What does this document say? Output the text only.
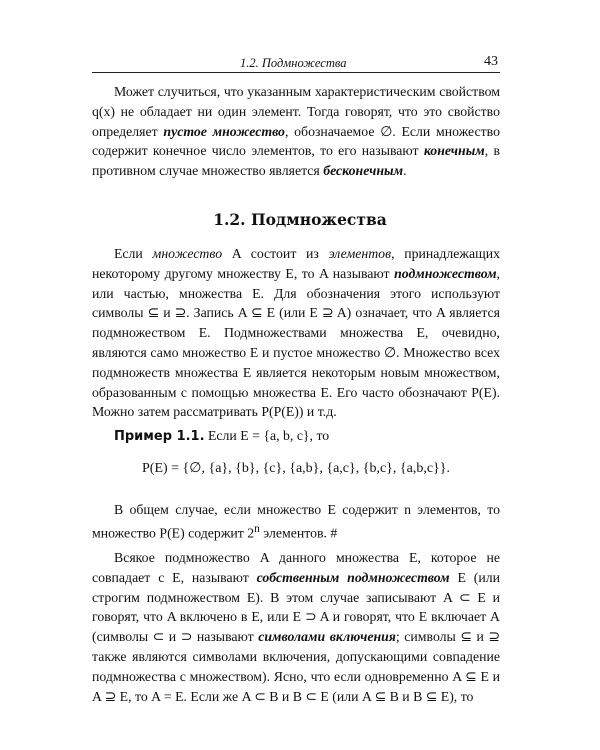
1.2. Подмножества	43

Может случиться, что указанным характеристическим свойством q(x) не обладает ни один элемент. Тогда говорят, что это свойство определяет пустое множество, обозначаемое ∅. Если множество содержит конечное число элементов, то его называют конечным, в противном случае множество является бесконечным.

1.2. Подмножества

Если множество A состоит из элементов, принадлежащих некоторому другому множеству E, то A называют подмножеством, или частью, множества E. Для обозначения этого используют символы ⊆ и ⊇. Запись A ⊆ E (или E ⊇ A) означает, что A является подмножеством E. Подмножествами множества E, очевидно, являются само множество E и пустое множество ∅. Множество всех подмножеств множества E является некоторым новым множеством, образованным с помощью множества E. Его часто обозначают P(E). Можно затем рассматривать P(P(E)) и т.д.

Пример 1.1. Если E = {a, b, c}, то

P(E) = {∅, {a}, {b}, {c}, {a,b}, {a,c}, {b,c}, {a,b,c}}.

В общем случае, если множество E содержит n элементов, то множество P(E) содержит 2$^n$ элементов. #

Всякое подмножество A данного множества E, которое не совпадает с E, называют собственным подмножеством E (или строгим подмножеством E). В этом случае записывают A ⊂ E и говорят, что A включено в E, или E ⊃ A и говорят, что E включает A (символы ⊂ и ⊃ называют символами включения; символы ⊆ и ⊇ также являются символами включения, допускающими совпадение подмножества с множеством). Ясно, что если одновременно A ⊆ E и A ⊇ E, то A = E. Если же A ⊂ B и B ⊂ E (или A ⊆ B и B ⊆ E), то
